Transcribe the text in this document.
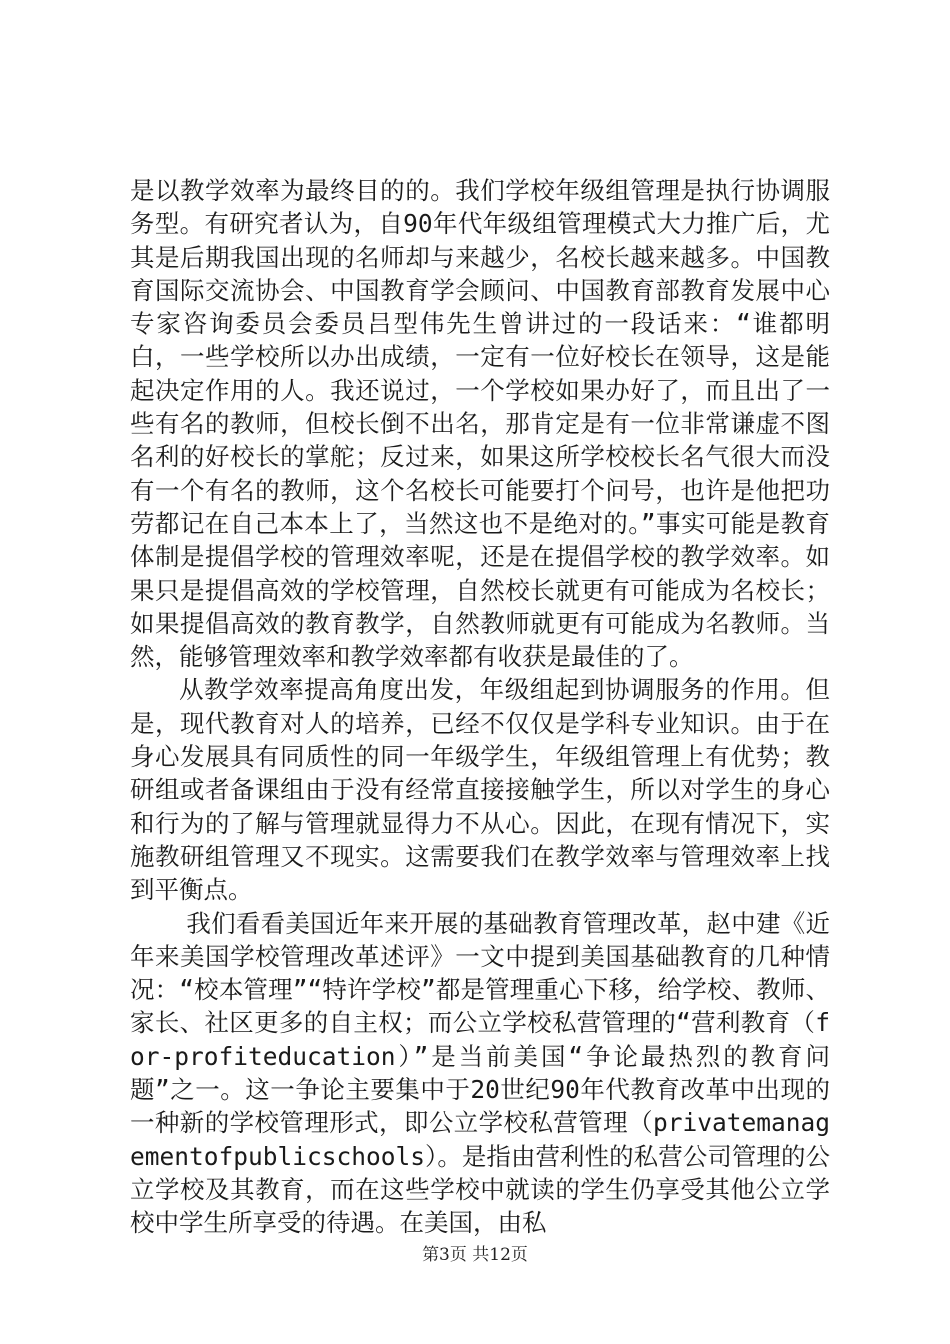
是以教学效率为最终目的的。我们学校年级组管理是执行协调服务型。有研究者认为，自90年代年级组管理模式大力推广后，尤其是后期我国出现的名师却与来越少，名校长越来越多。中国教育国际交流协会、中国教育学会顾问、中国教育部教育发展中心专家咨询委员会委员吕型伟先生曾讲过的一段话来：“谁都明白，一些学校所以办出成绩，一定有一位好校长在领导，这是能起决定作用的人。我还说过，一个学校如果办好了，而且出了一些有名的教师，但校长倒不出名，那肯定是有一位非常谦虚不图名利的好校长的掌舵；反过来，如果这所学校校长名气很大而没有一个有名的教师，这个名校长可能要打个问号，也许是他把功劳都记在自己本本上了，当然这也不是绝对的。”事实可能是教育体制是提倡学校的管理效率呢，还是在提倡学校的教学效率。如果只是提倡高效的学校管理，自然校长就更有可能成为名校长；如果提倡高效的教育教学，自然教师就更有可能成为名教师。当然，能够管理效率和教学效率都有收获是最佳的了。

从教学效率提高角度出发，年级组起到协调服务的作用。但是，现代教育对人的培养，已经不仅仅是学科专业知识。由于在身心发展具有同质性的同一年级学生，年级组管理上有优势；教研组或者备课组由于没有经常直接接触学生，所以对学生的身心和行为的了解与管理就显得力不从心。因此，在现有情况下，实施教研组管理又不现实。这需要我们在教学效率与管理效率上找到平衡点。

我们看看美国近年来开展的基础教育管理改革，赵中建《近年来美国学校管理改革述评》一文中提到美国基础教育的几种情况：“校本管理”“特许学校”都是管理重心下移，给学校、教师、家长、社区更多的自主权；而公立学校私营管理的“营利教育（for-profiteducation）”是当前美国“争论最热烈的教育问题”之一。这一争论主要集中于20世纪90年代教育改革中出现的一种新的学校管理形式，即公立学校私营管理（privatemanagementofpublicschools）。是指由营利性的私营公司管理的公立学校及其教育，而在这些学校中就读的学生仍享受其他公立学校中学生所享受的待遇。在美国，由私

第3页 共12页
